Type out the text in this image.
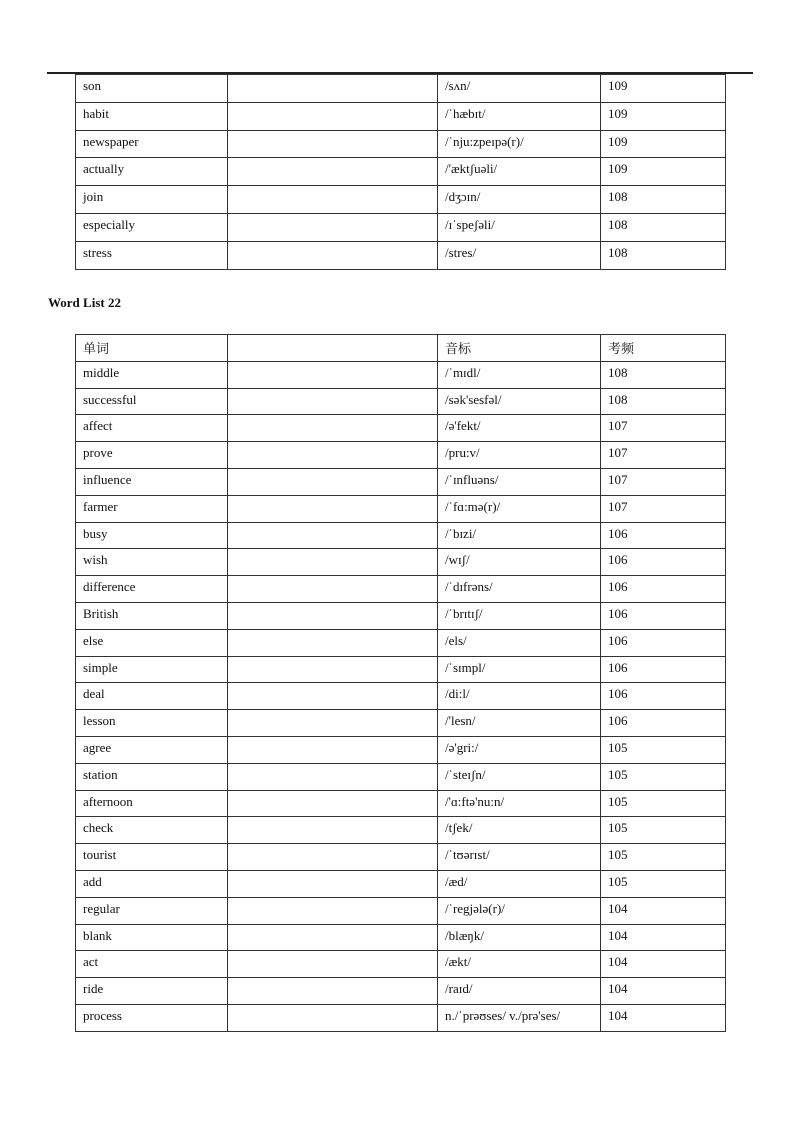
son		/sʌn/	109
habit		/ˈhæbɪt/	109
newspaper		/ˈnju:zpeɪpə(r)/	109
actually		/'æktʃuəli/	109
join		/dʒɔɪn/	108
especially		/ɪˈspeʃəli/	108
stress		/stres/	108
Word List 22
单词		音标	考频
middle		/ˈmɪdl/	108
successful		/sək'sesfəl/	108
affect		/ə'fekt/	107
prove		/pru:v/	107
influence		/ˈɪnfluəns/	107
farmer		/ˈfɑ:mə(r)/	107
busy		/ˈbɪzi/	106
wish		/wɪʃ/	106
difference		/ˈdɪfrəns/	106
British		/ˈbrɪtɪʃ/	106
else		/els/	106
simple		/ˈsɪmpl/	106
deal		/di:l/	106
lesson		/'lesn/	106
agree		/ə'gri:/	105
station		/ˈsteɪʃn/	105
afternoon		/'ɑ:ftə'nu:n/	105
check		/tʃek/	105
tourist		/ˈtʊərɪst/	105
add		/æd/	105
regular		/ˈregjələ(r)/	104
blank		/blæŋk/	104
act		/ækt/	104
ride		/raɪd/	104
process		n./ˈprəʊses/ v./prə'ses/	104
